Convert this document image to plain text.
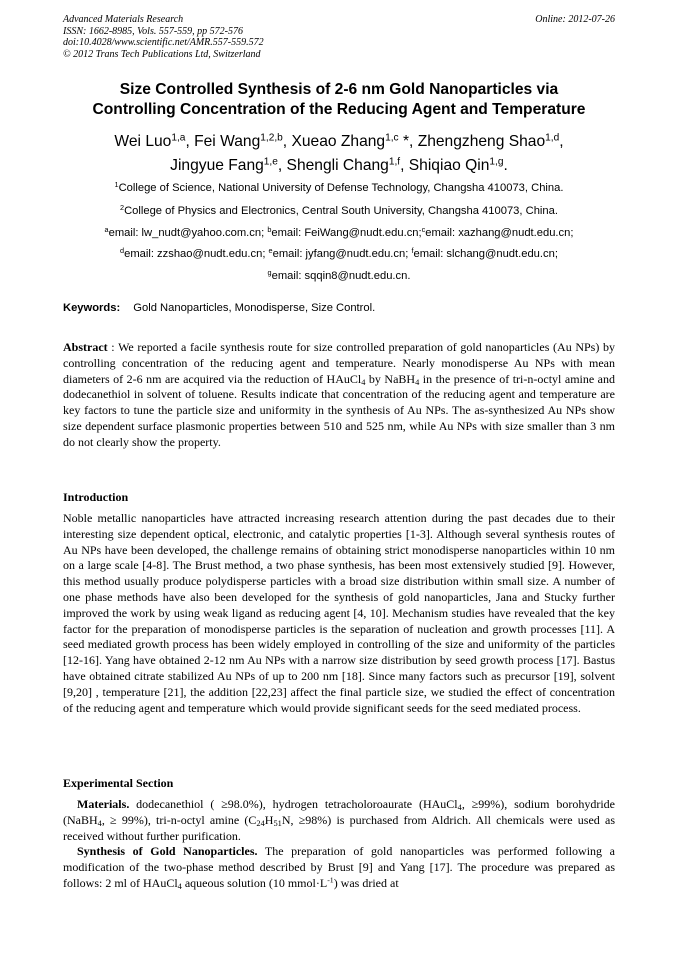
Advanced Materials Research
ISSN: 1662-8985, Vols. 557-559, pp 572-576
doi:10.4028/www.scientific.net/AMR.557-559.572
© 2012 Trans Tech Publications Ltd, Switzerland
Online: 2012-07-26
Size Controlled Synthesis of 2-6 nm Gold Nanoparticles via
Controlling Concentration of the Reducing Agent and Temperature
Wei Luo$^{1,a}$, Fei Wang$^{1,2,b}$, Xueao Zhang$^{1,c}$ *, Zhengzheng Shao$^{1,d}$,
Jingyue Fang$^{1,e}$, Shengli Chang$^{1,f}$, Shiqiao Qin$^{1,g}$.
$^1$College of Science, National University of Defense Technology, Changsha 410073, China.
$^2$College of Physics and Electronics, Central South University, Changsha 410073, China.
$^a$email: lw_nudt@yahoo.com.cn; $^b$email: FeiWang@nudt.edu.cn;$^c$email: xazhang@nudt.edu.cn;
$^d$email: zzshao@nudt.edu.cn; $^e$email: jyfang@nudt.edu.cn; $^f$email: slchang@nudt.edu.cn;
$^g$email: sqqin8@nudt.edu.cn.
Keywords: Gold Nanoparticles, Monodisperse, Size Control.

Abstract : We reported a facile synthesis route for size controlled preparation of gold nanoparticles (Au NPs) by controlling concentration of the reducing agent and temperature. Nearly monodisperse Au NPs with mean diameters of 2-6 nm are acquired via the reduction of HAuCl$_4$ by NaBH$_4$ in the presence of tri-n-octyl amine and dodecanethiol in solvent of toluene. Results indicate that concentration of the reducing agent and temperature are key factors to tune the particle size and uniformity in the synthesis of Au NPs. The as-synthesized Au NPs show size dependent surface plasmonic properties between 510 and 525 nm, while Au NPs with size smaller than 3 nm do not clearly show the property.

Introduction

Noble metallic nanoparticles have attracted increasing research attention during the past decades due to their interesting size dependent optical, electronic, and catalytic properties [1-3]. Although several synthesis routes of Au NPs have been developed, the challenge remains of obtaining strict monodisperse nanoparticles within 10 nm on a large scale [4-8]. The Brust method, a two phase synthesis, has been most extensively studied [9]. However, this method usually produce polydisperse particles with a broad size distribution within small size. A number of one phase methods have also been developed for the synthesis of gold nanoparticles, Jana and Stucky further improved the work by using weak ligand as reducing agent [4, 10]. Mechanism studies have revealed that the key factor for the preparation of monodisperse particles is the separation of nucleation and growth processes [11]. A seed mediated growth process has been widely employed in controlling of the size and uniformity of the particles [12-16]. Yang have obtained 2-12 nm Au NPs with a narrow size distribution by seed growth process [17]. Bastus have obtained citrate stabilized Au NPs of up to 200 nm [18]. Since many factors such as precursor [19], solvent [9,20] , temperature [21], the addition [22,23] affect the final particle size, we studied the effect of concentration of the reducing agent and temperature which would provide significant seeds for the seed mediated process.

Experimental Section

Materials. dodecanethiol ( ≥98.0%), hydrogen tetracholoroaurate (HAuCl$_4$, ≥99%), sodium borohydride (NaBH$_4$, ≥ 99%), tri-n-octyl amine ($C_{24}H_{51}N$, ≥98%) is purchased from Aldrich. All chemicals were used as received without further purification.

Synthesis of Gold Nanoparticles. The preparation of gold nanoparticles was performed following a modification of the two-phase method described by Brust [9] and Yang [17]. The procedure was prepared as follows: 2 ml of HAuCl$_4$ aqueous solution (10 $mmol\cdot L^{-1}$) was dried at
